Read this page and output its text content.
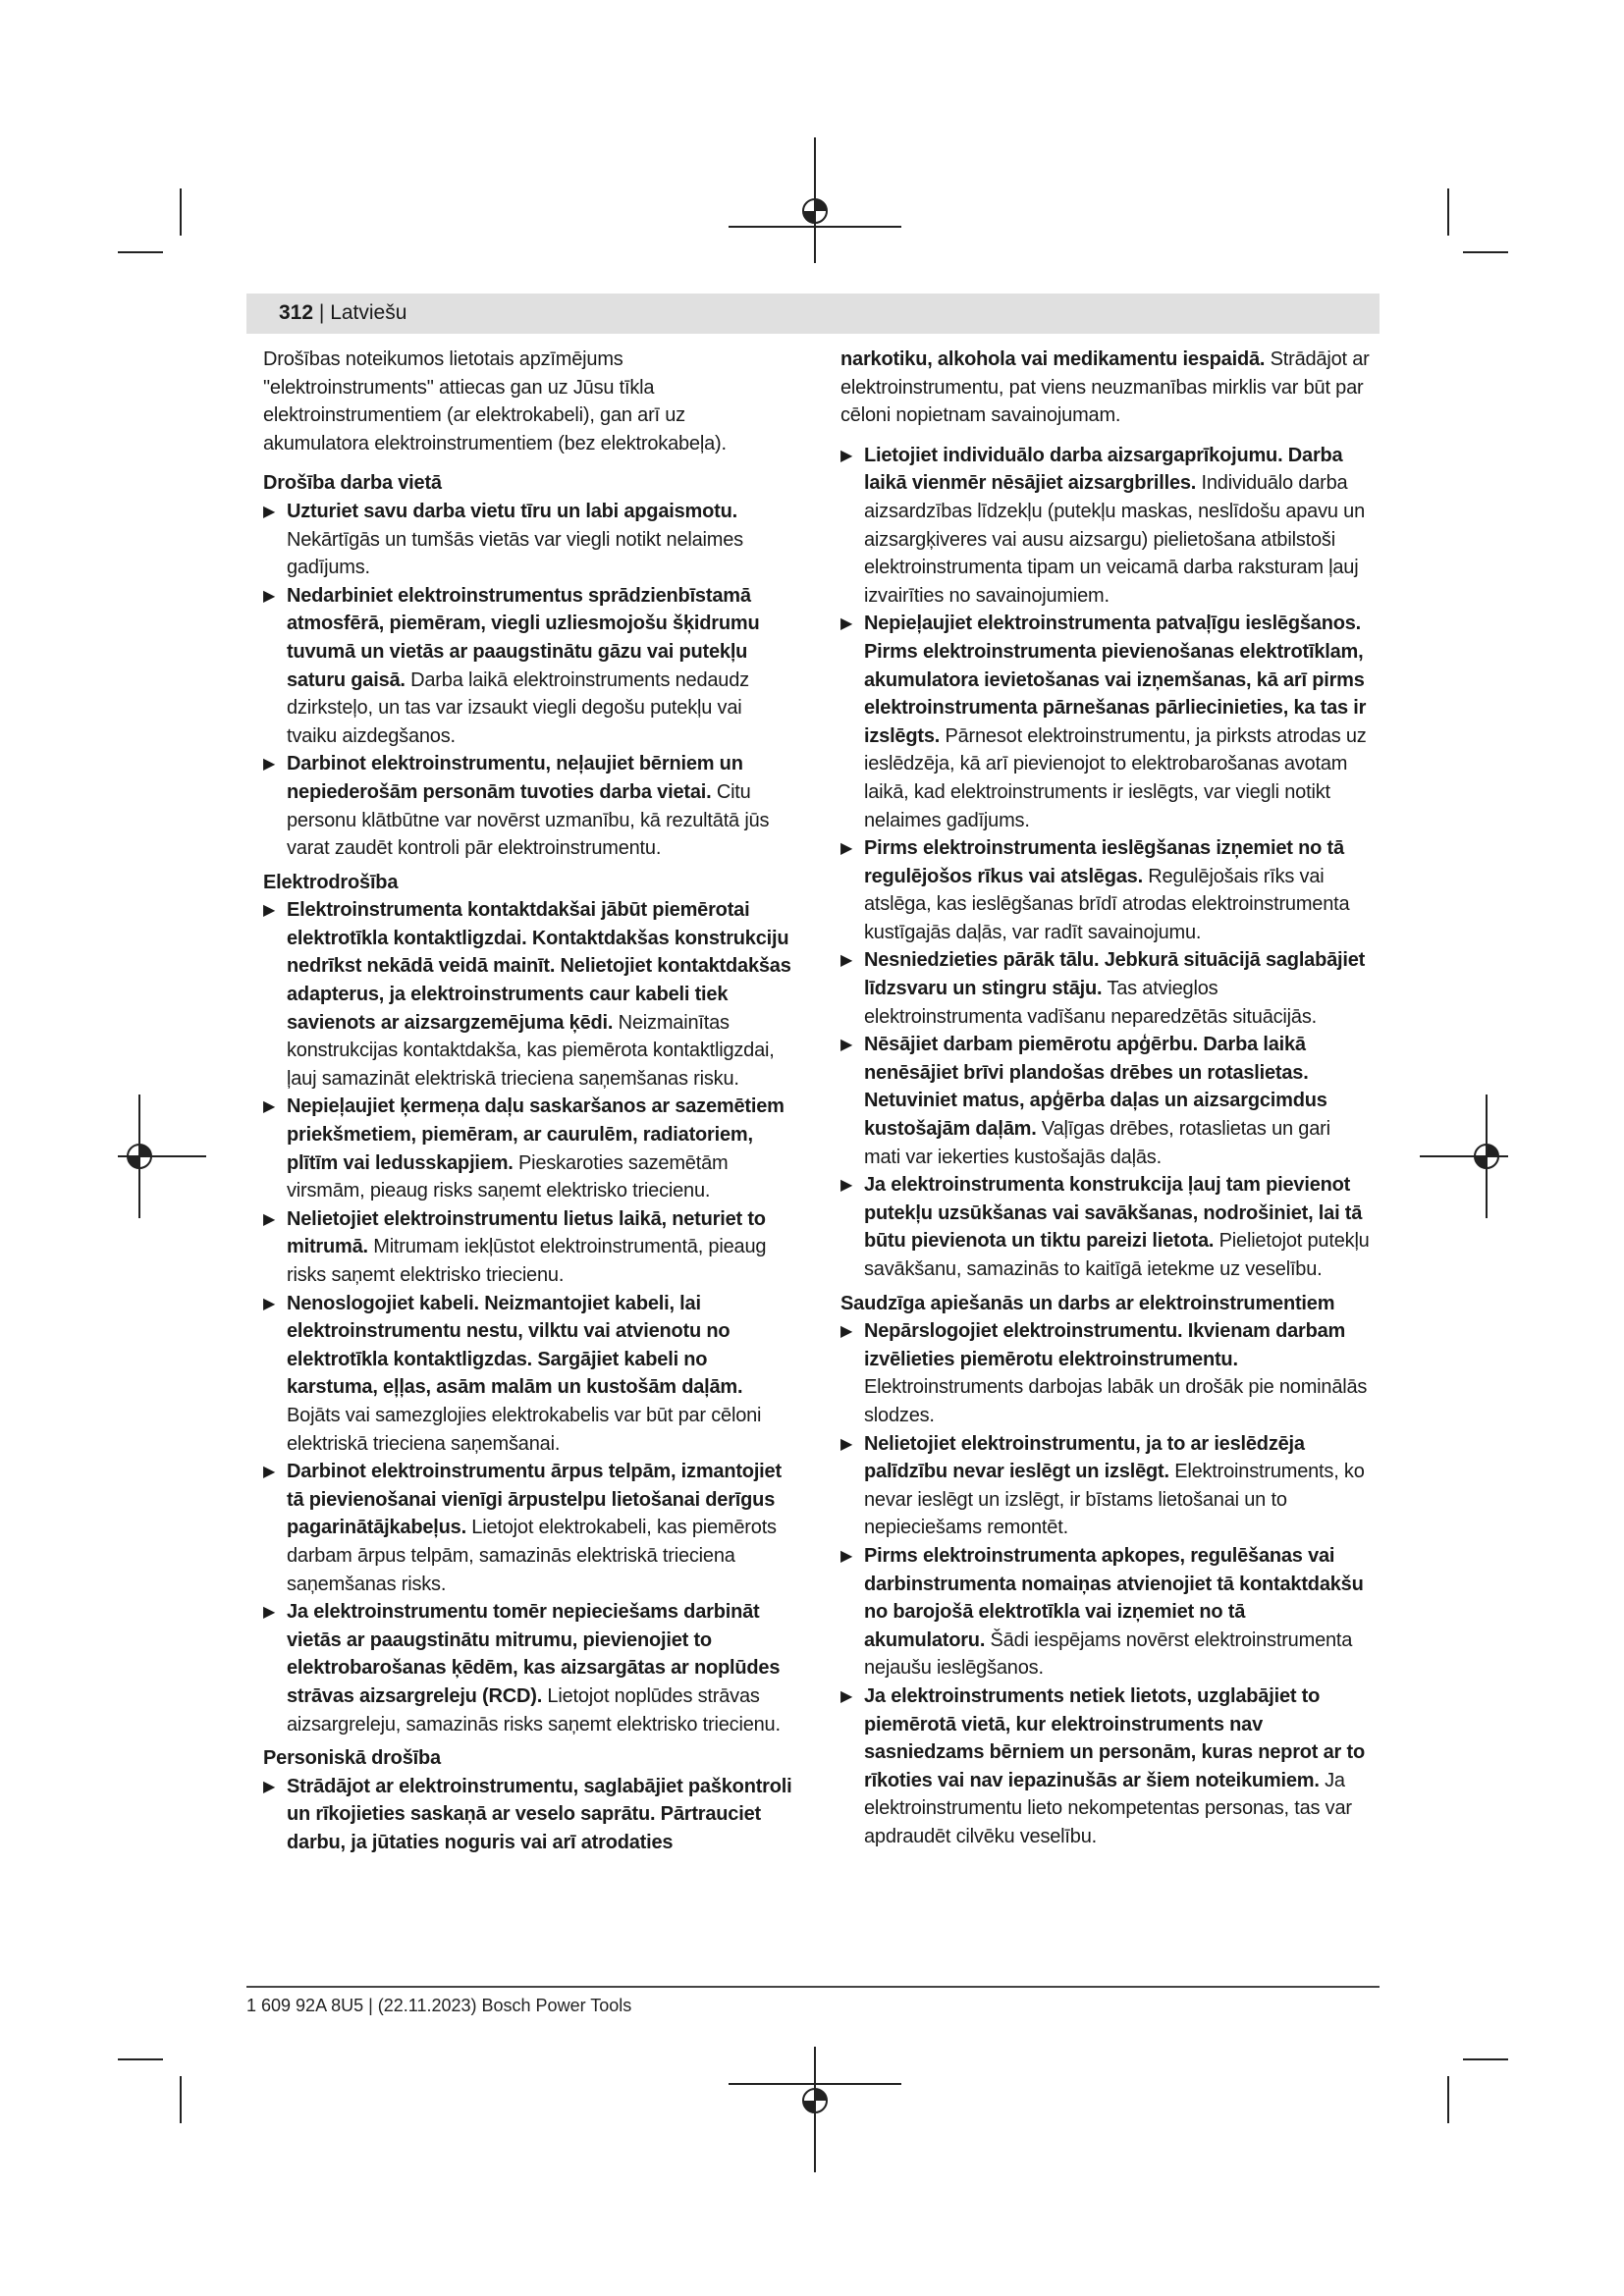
312 | Latviešu

Drošības noteikumos lietotais apzīmējums "elektroinstruments" attiecas gan uz Jūsu tīkla elektroinstrumentiem (ar elektrokabeli), gan arī uz akumulatora elektroinstrumentiem (bez elektrokabeļa).

Drošība darba vietā

▶ Uzturiet savu darba vietu tīru un labi apgaismotu. Nekārtīgās un tumšās vietās var viegli notikt nelaimes gadījums.

▶ Nedarbiniet elektroinstrumentus sprādzienbīstamā atmosfērā, piemēram, viegli uzliesmojošu šķidrumu tuvumā un vietās ar paaugstinātu gāzu vai putekļu saturu gaisā. Darba laikā elektroinstruments nedaudz dzirksteļo, un tas var izsaukt viegli degošu putekļu vai tvaiku aizdegšanos.

▶ Darbinot elektroinstrumentu, neļaujiet bērniem un nepiederošām personām tuvoties darba vietai. Citu personu klātbūtne var novērst uzmanību, kā rezultātā jūs varat zaudēt kontroli pār elektroinstrumentu.

Elektrodrošība

▶ Elektroinstrumenta kontaktdakšai jābūt piemērotai elektrotīkla kontaktligzdai. Kontaktdakšas konstrukciju nedrīkst nekādā veidā mainīt. Nelietojiet kontaktdakšas adapterus, ja elektroinstruments caur kabeli tiek savienots ar aizsargzemējuma ķēdi. Neizmainītas konstrukcijas kontaktdakša, kas piemērota kontaktligzdai, ļauj samazināt elektriskā trieciena saņemšanas risku.

▶ Nepieļaujiet ķermeņa daļu saskaršanos ar sazemētiem priekšmetiem, piemēram, ar caurulēm, radiatoriem, plītīm vai ledusskapjiem. Pieskaroties sazemētām virsmām, pieaug risks saņemt elektrisko triecienu.

▶ Nelietojiet elektroinstrumentu lietus laikā, neturiet to mitrumā. Mitrumam iekļūstot elektroinstrumentā, pieaug risks saņemt elektrisko triecienu.

▶ Nenoslogojiet kabeli. Neizmantojiet kabeli, lai elektroinstrumentu nestu, vilktu vai atvienotu no elektrotīkla kontaktligzdas. Sargājiet kabeli no karstuma, eļļas, asām malām un kustošām daļām. Bojāts vai samezglojies elektrokabelis var būt par cēloni elektriskā trieciena saņemšanai.

▶ Darbinot elektroinstrumentu ārpus telpām, izmantojiet tā pievienošanai vienīgi ārpustelpu lietošanai derīgus pagarinātājkabeļus. Lietojot elektrokabeli, kas piemērots darbam ārpus telpām, samazinās elektriskā trieciena saņemšanas risks.

▶ Ja elektroinstrumentu tomēr nepieciešams darbināt vietās ar paaugstinātu mitrumu, pievienojiet to elektrobarošanas ķēdēm, kas aizsargātas ar noplūdes strāvas aizsargreleju (RCD). Lietojot noplūdes strāvas aizsargreleju, samazinās risks saņemt elektrisko triecienu.

Personiskā drošība

▶ Strādājot ar elektroinstrumentu, saglabājiet paškontroli un rīkojieties saskaņā ar veselo saprātu. Pārtrauciet darbu, ja jūtaties noguris vai arī atrodaties

narkotiku, alkohola vai medikamentu iespaidā. Strādājot ar elektroinstrumentu, pat viens neuzmanības mirklis var būt par cēloni nopietnam savainojumam.

▶ Lietojiet individuālo darba aizsargaprīkojumu. Darba laikā vienmēr nēsājiet aizsargbrilles. Individuālo darba aizsardzības līdzekļu (putekļu maskas, neslīdošu apavu un aizsargķiveres vai ausu aizsargu) pielietošana atbilstoši elektroinstrumenta tipam un veicamā darba raksturam ļauj izvairīties no savainojumiem.

▶ Nepieļaujiet elektroinstrumenta patvaļīgu ieslēgšanos. Pirms elektroinstrumenta pievienošanas elektrotīklam, akumulatora ievietošanas vai izņemšanas, kā arī pirms elektroinstrumenta pārnešanas pārliecinieties, ka tas ir izslēgts. Pārnesot elektroinstrumentu, ja pirksts atrodas uz ieslēdzēja, kā arī pievienojot to elektrobarošanas avotam laikā, kad elektroinstruments ir ieslēgts, var viegli notikt nelaimes gadījums.

▶ Pirms elektroinstrumenta ieslēgšanas izņemiet no tā regulējošos rīkus vai atslēgas. Regulējošais rīks vai atslēga, kas ieslēgšanas brīdī atrodas elektroinstrumenta kustīgajās daļās, var radīt savainojumu.

▶ Nesniedzieties pārāk tālu. Jebkurā situācijā saglabājiet līdzsvaru un stingru stāju. Tas atvieglos elektroinstrumenta vadīšanu neparedzētās situācijās.

▶ Nēsājiet darbam piemērotu apģērbu. Darba laikā nenēsājiet brīvi plandošas drēbes un rotaslietas. Netuviniet matus, apģērba daļas un aizsargcimdus kustošajām daļām. Vaļīgas drēbes, rotaslietas un gari mati var iekerties kustošajās daļās.

▶ Ja elektroinstrumenta konstrukcija ļauj tam pievienot putekļu uzsūkšanas vai savākšanas, nodrošiniet, lai tā būtu pievienota un tiktu pareizi lietota. Pielietojot putekļu savākšanu, samazinās to kaitīgā ietekme uz veselību.

Saudzīga apiešanās un darbs ar elektroinstrumentiem

▶ Nepārslogojiet elektroinstrumentu. Ikvienam darbam izvēlieties piemērotu elektroinstrumentu. Elektroinstruments darbojas labāk un drošāk pie nominālās slodzes.

▶ Nelietojiet elektroinstrumentu, ja to ar ieslēdzēja palīdzību nevar ieslēgt un izslēgt. Elektroinstruments, ko nevar ieslēgt un izslēgt, ir bīstams lietošanai un to nepieciešams remontēt.

▶ Pirms elektroinstrumenta apkopes, regulēšanas vai darbinstrumenta nomaiņas atvienojiet tā kontaktdakšu no barojošā elektrotīkla vai izņemiet no tā akumulatoru. Šādi iespējams novērst elektroinstrumenta nejaušu ieslēgšanos.

▶ Ja elektroinstruments netiek lietots, uzglabājiet to piemērotā vietā, kur elektroinstruments nav sasniedzams bērniem un personām, kuras neprot ar to rīkoties vai nav iepazinušās ar šiem noteikumiem. Ja elektroinstrumentu lieto nekompetentas personas, tas var apdraudēt cilvēku veselību.

1 609 92A 8U5 | (22.11.2023) Bosch Power Tools
